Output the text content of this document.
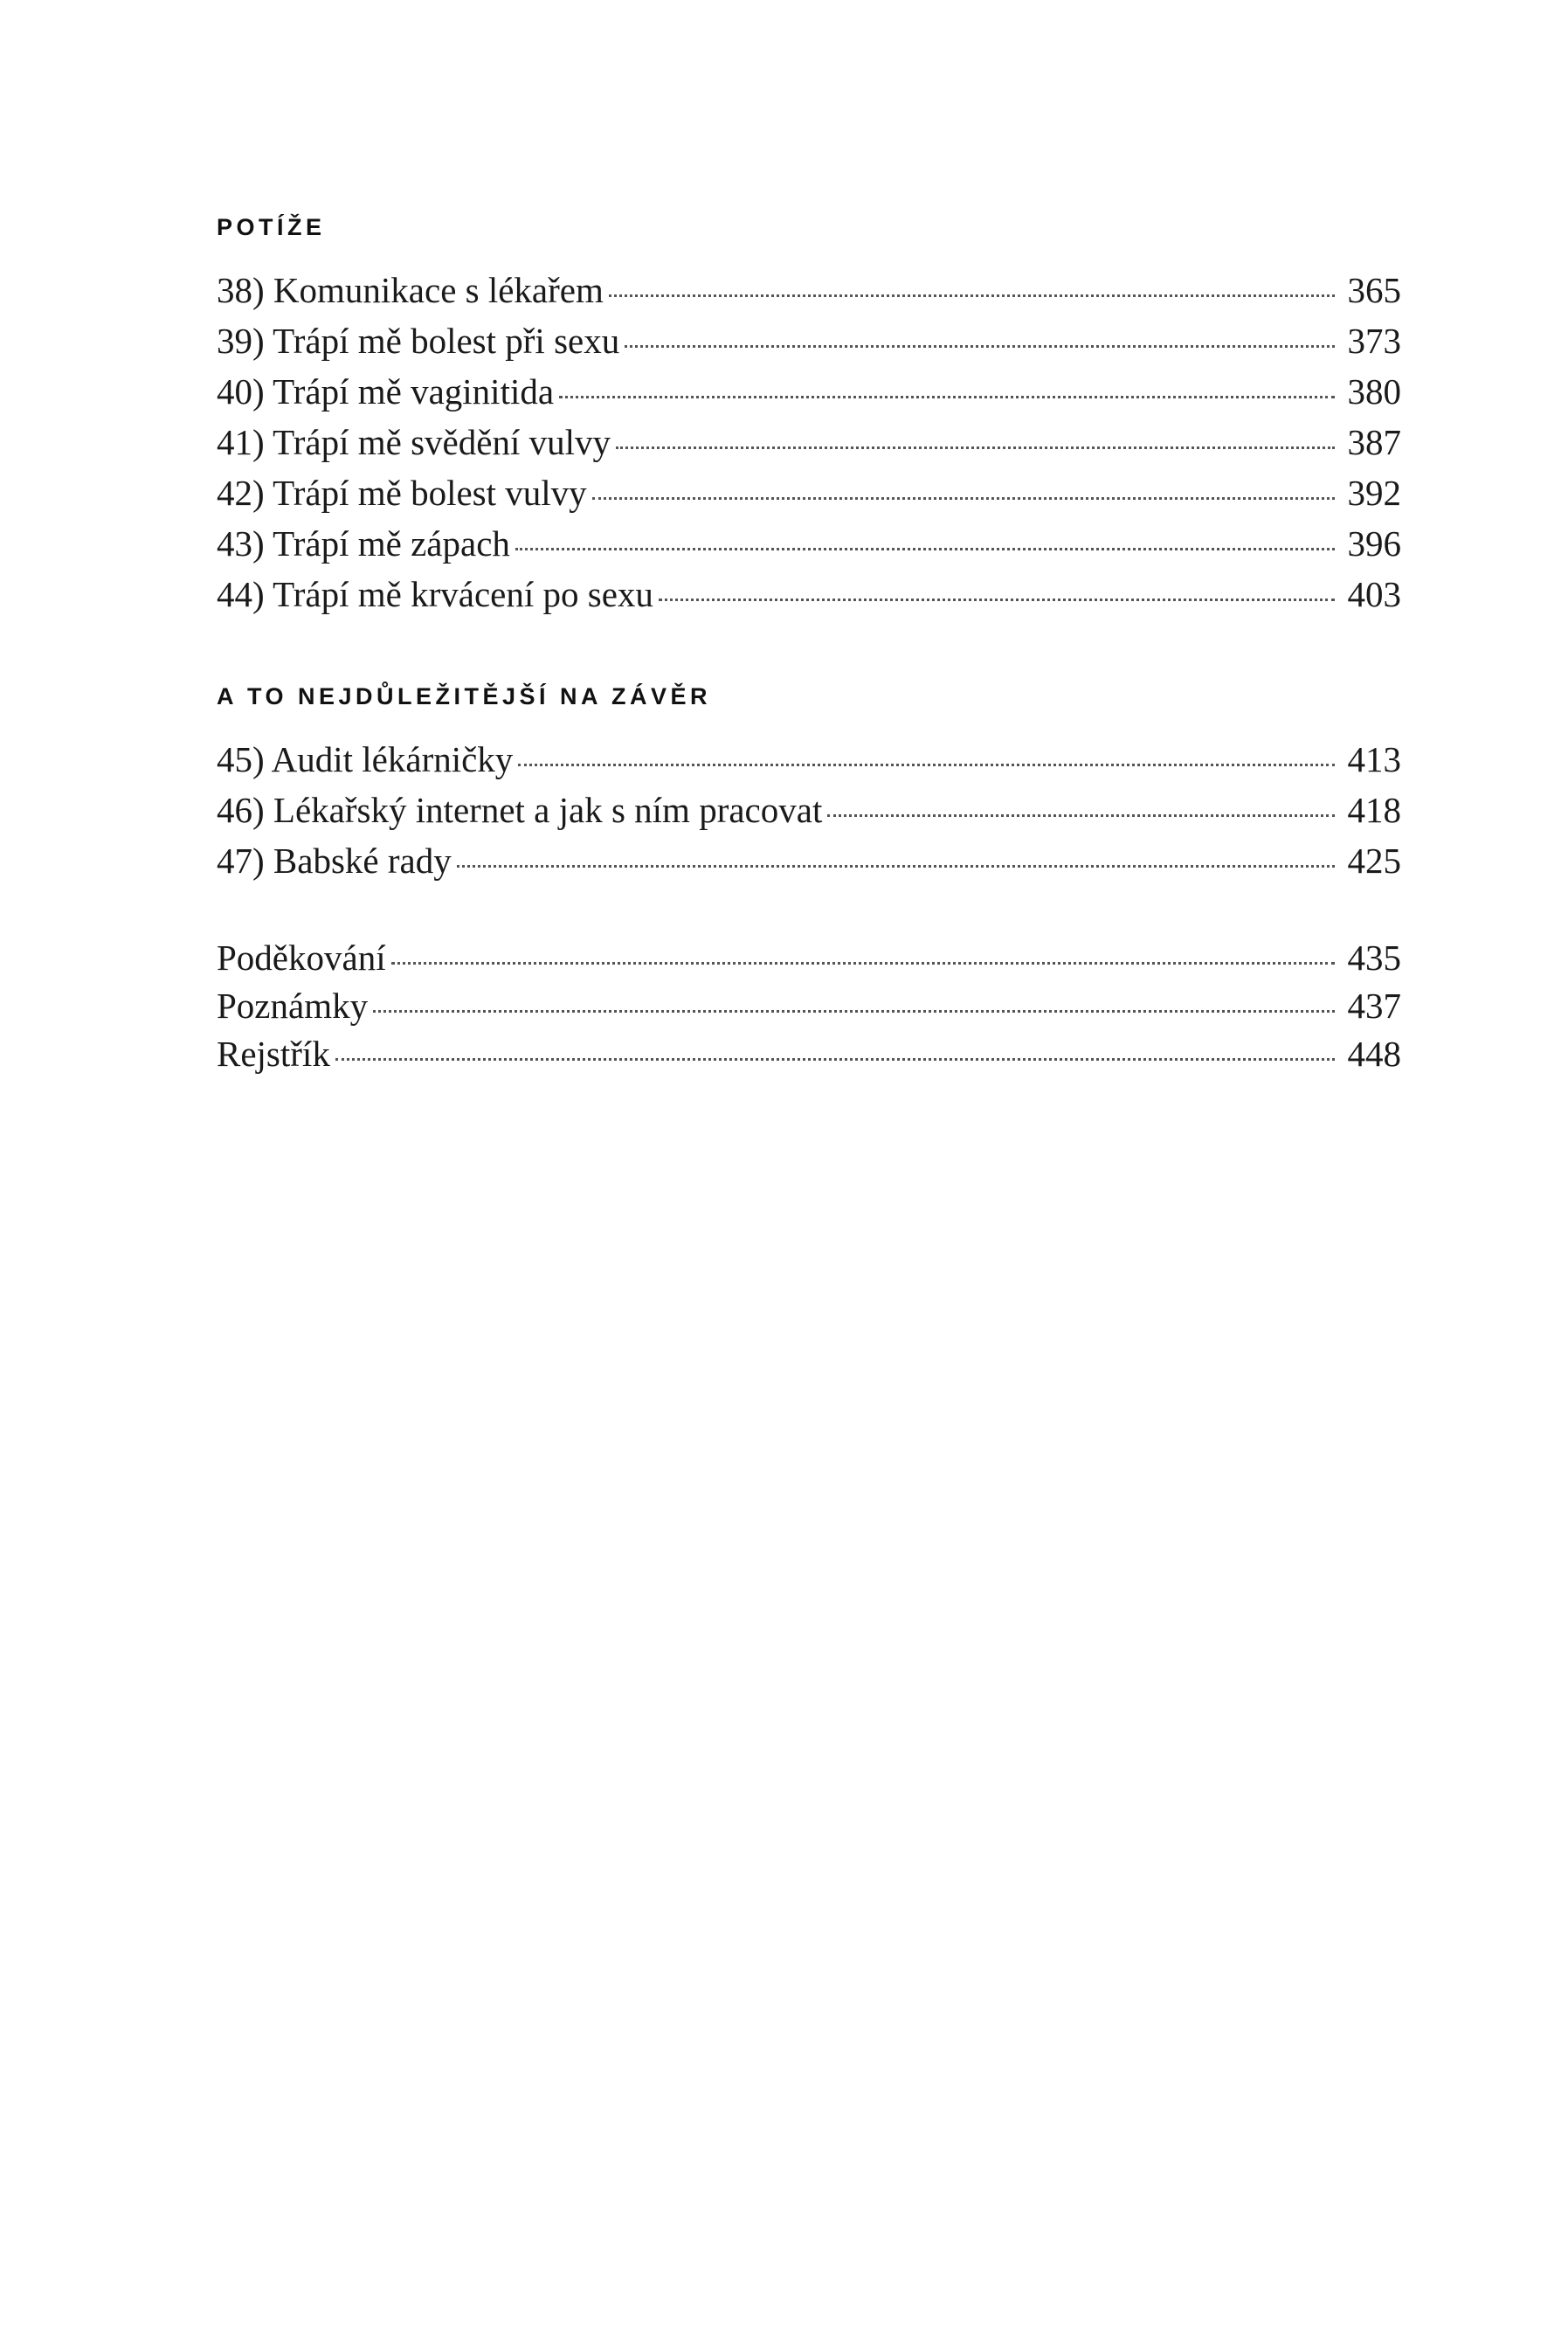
POTÍŽE
38) Komunikace s lékařem	365
39) Trápí mě bolest při sexu	373
40) Trápí mě vaginitida	380
41) Trápí mě svědění vulvy	387
42) Trápí mě bolest vulvy	392
43) Trápí mě zápach	396
44) Trápí mě krvácení po sexu	403
A TO NEJDŮLEŽITĚJŠÍ NA ZÁVĚR
45) Audit lékárničky	413
46) Lékařský internet a jak s ním pracovat	418
47) Babské rady	425
Poděkování	435
Poznámky	437
Rejstřík	448
